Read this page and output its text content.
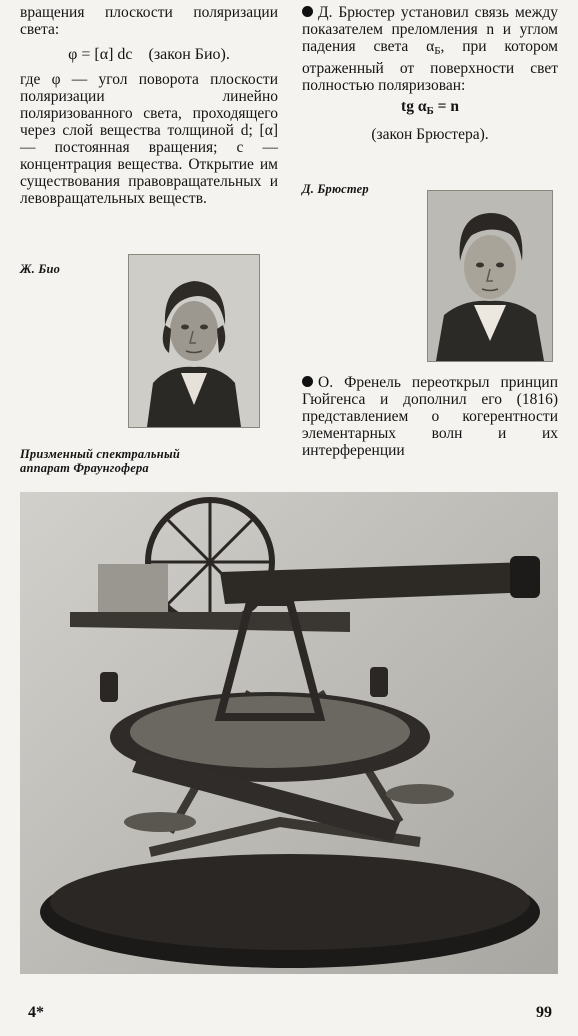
вращения плоскости поляризации света:

φ = [α] dc (закон Био).

где φ — угол поворота плоскости поляризации линейно поляризованного света, проходящего через слой вещества толщиной d; [α] — постоянная вращения; c — концентрация вещества. Открытие им существования правовращательных и левовращательных веществ.

Ж. Био
Призменный спектральный
аппарат Фраунгофера

Д. Брюстер установил связь между показателем преломления n и углом падения света $\alpha_Б$, при котором отраженный от поверхности свет полностью поляризован:

tg $\alpha_Б = n$
(закон Брюстера).
Д. Брюстер

О. Френель переоткрыл принцип Гюйгенса и дополнил его (1816) представлением о когерентности элементарных волн и их интерференции

4*	99
